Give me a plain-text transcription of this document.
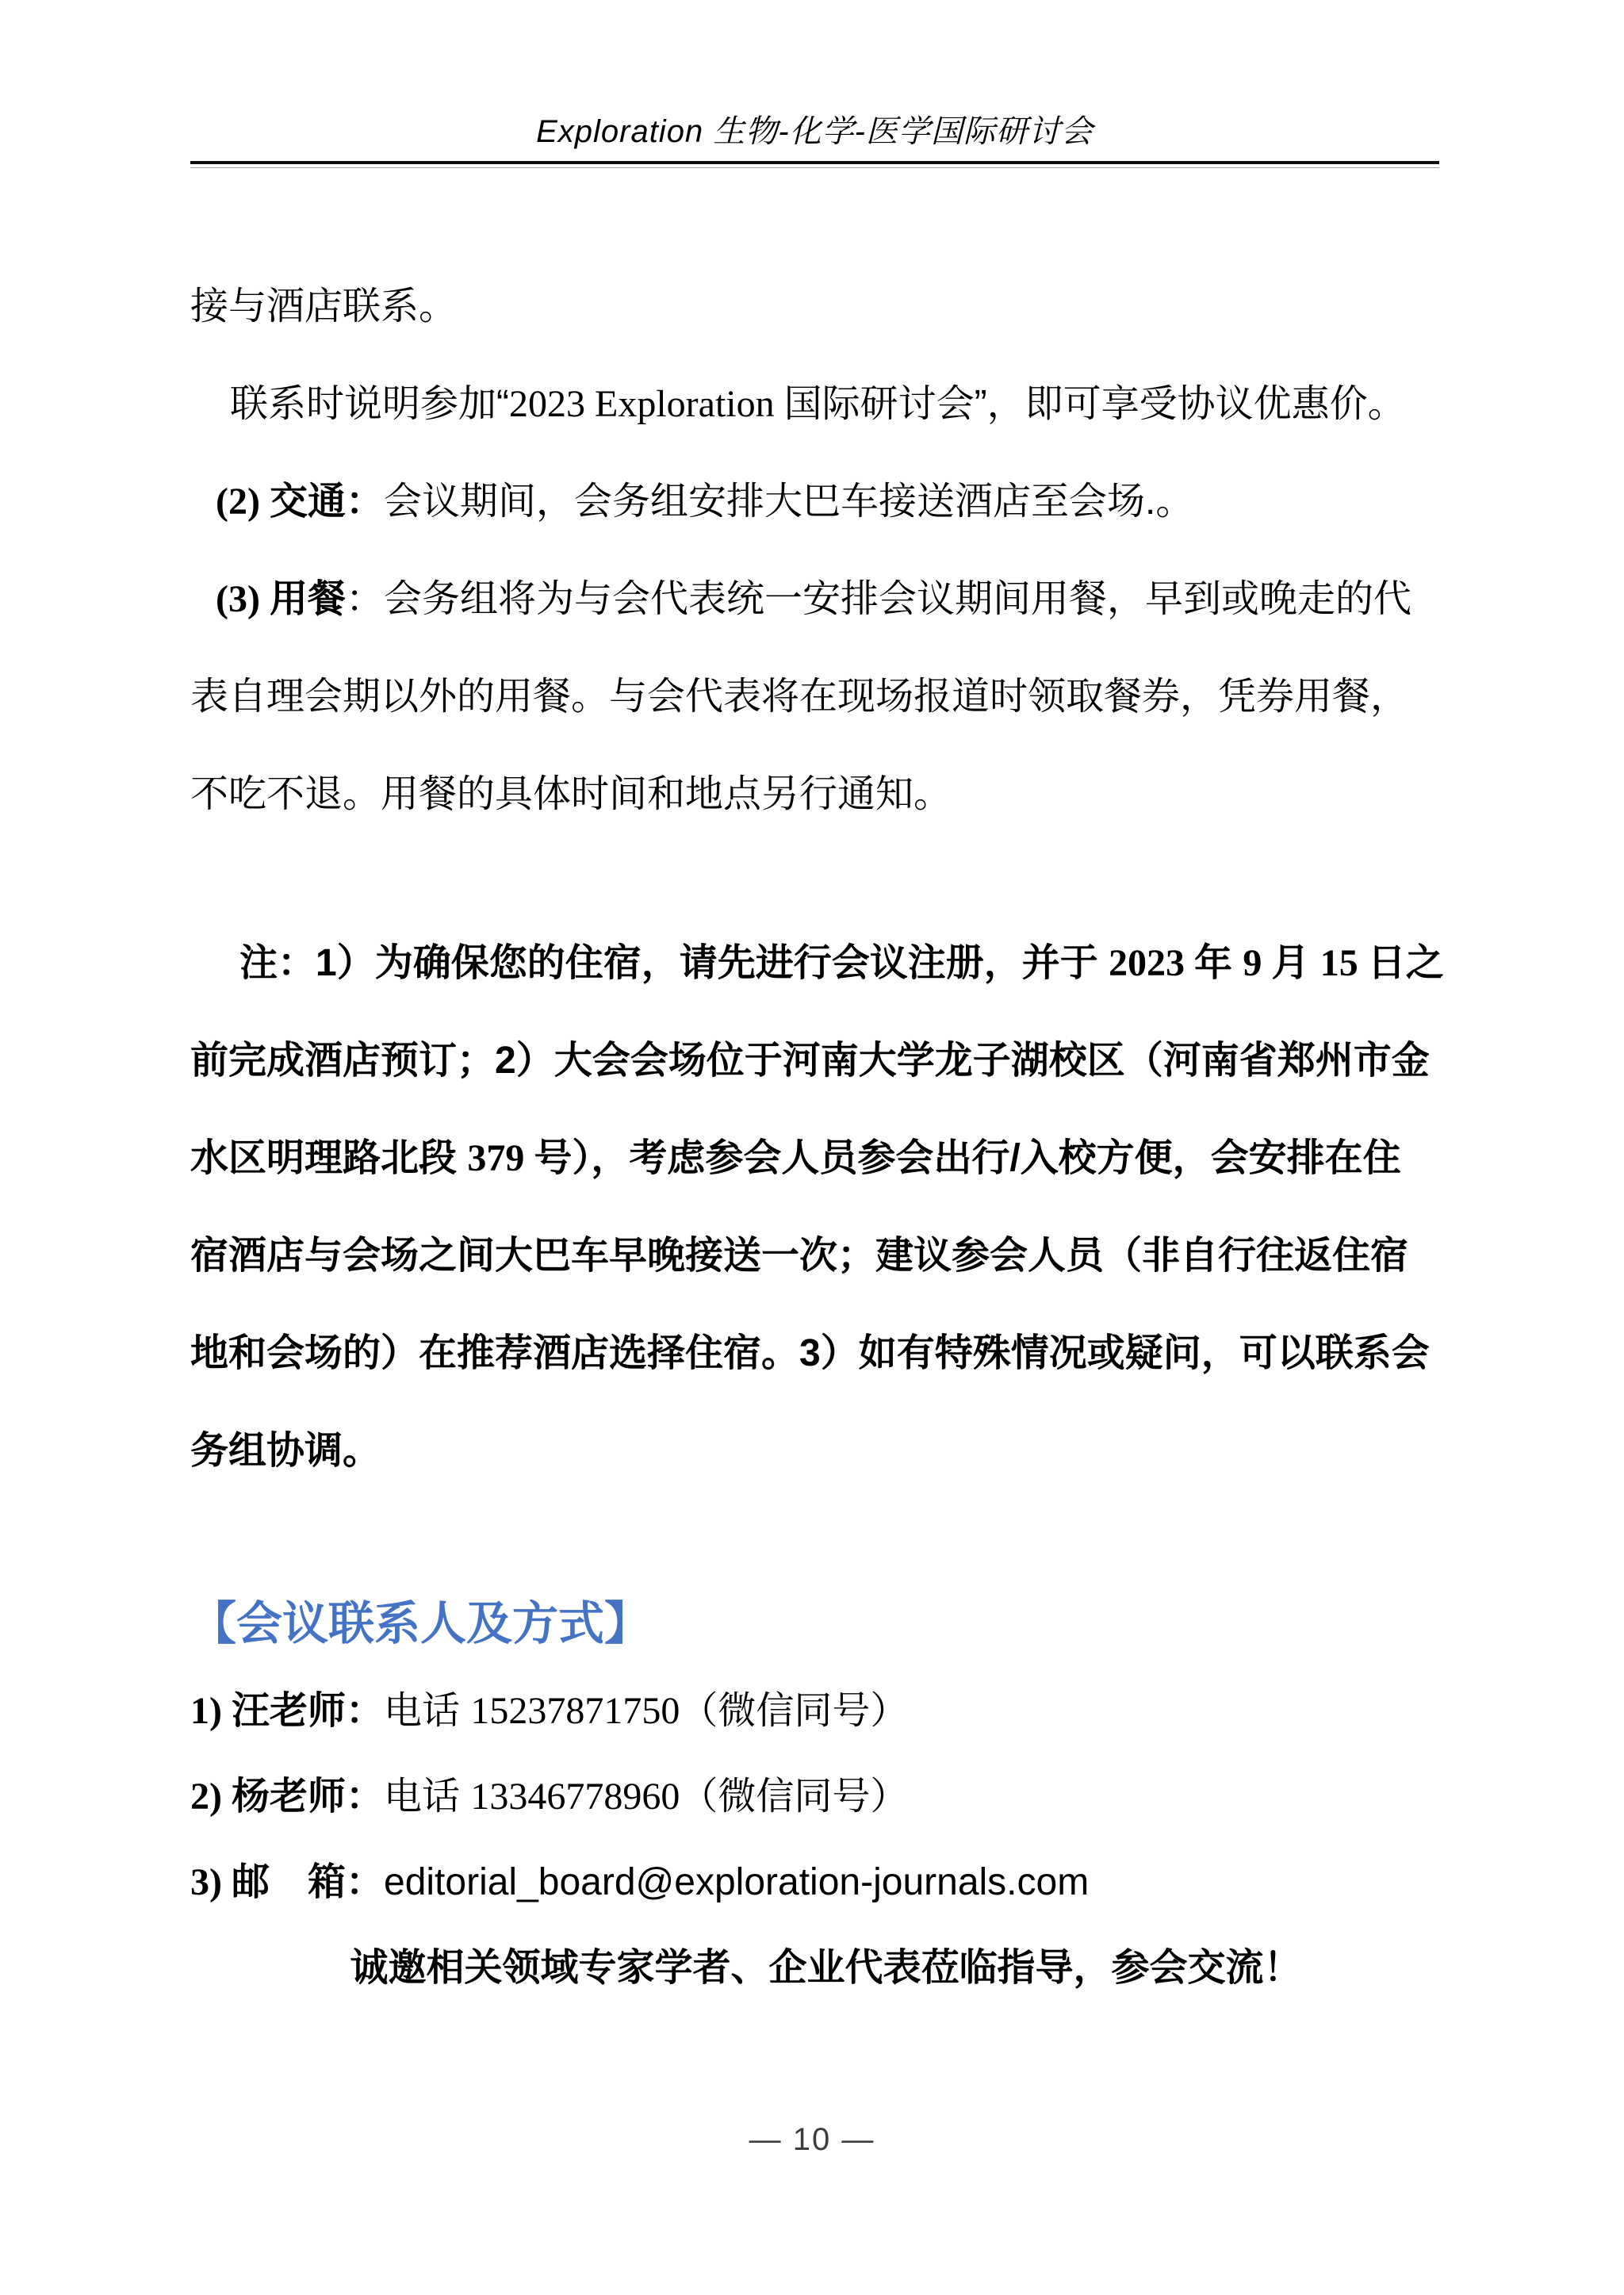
Exploration 生物-化学-医学国际研讨会
接与酒店联系。
联系时说明参加“2023 Exploration 国际研讨会”，即可享受协议优惠价。
(2) 交通：会议期间，会务组安排大巴车接送酒店至会场.。
(3) 用餐：会务组将为与会代表统一安排会议期间用餐，早到或晚走的代
表自理会期以外的用餐。与会代表将在现场报道时领取餐券，凭券用餐，
不吃不退。用餐的具体时间和地点另行通知。
注：1）为确保您的住宿，请先进行会议注册，并于 2023 年 9 月 15 日之
前完成酒店预订；2）大会会场位于河南大学龙子湖校区（河南省郑州市金
水区明理路北段 379 号），考虑参会人员参会出行/入校方便，会安排在住
宿酒店与会场之间大巴车早晚接送一次；建议参会人员（非自行往返住宿
地和会场的）在推荐酒店选择住宿。3）如有特殊情况或疑问，可以联系会
务组协调。
【会议联系人及方式】
1) 汪老师：电话 15237871750（微信同号）
2) 杨老师：电话 13346778960（微信同号）
3) 邮　箱：editorial_board@exploration-journals.com
诚邀相关领域专家学者、企业代表莅临指导，参会交流！
— 10 —
